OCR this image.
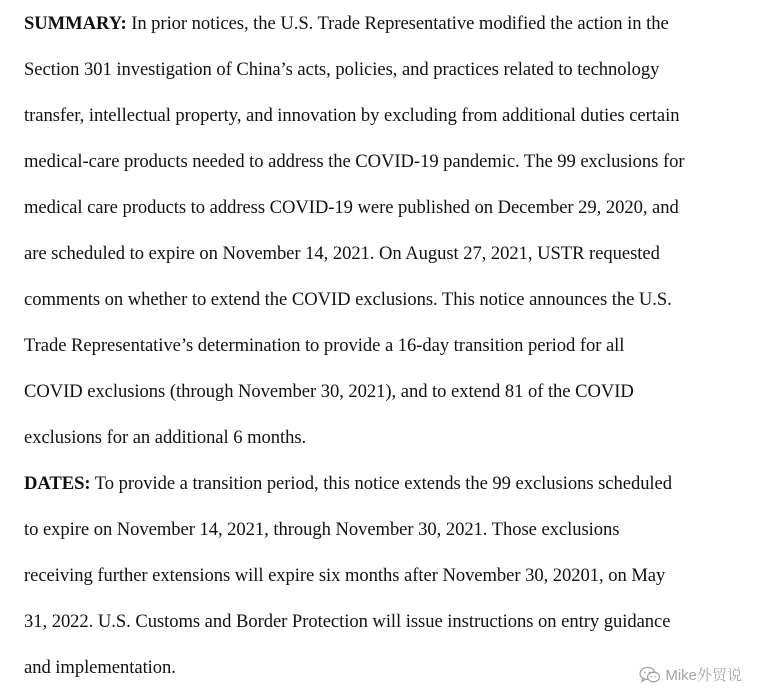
SUMMARY: In prior notices, the U.S. Trade Representative modified the action in the
Section 301 investigation of China’s acts, policies, and practices related to technology
transfer, intellectual property, and innovation by excluding from additional duties certain
medical-care products needed to address the COVID-19 pandemic. The 99 exclusions for
medical care products to address COVID-19 were published on December 29, 2020, and
are scheduled to expire on November 14, 2021. On August 27, 2021, USTR requested
comments on whether to extend the COVID exclusions. This notice announces the U.S.
Trade Representative’s determination to provide a 16-day transition period for all
COVID exclusions (through November 30, 2021), and to extend 81 of the COVID
exclusions for an additional 6 months.

DATES: To provide a transition period, this notice extends the 99 exclusions scheduled
to expire on November 14, 2021, through November 30, 2021. Those exclusions
receiving further extensions will expire six months after November 30, 20201, on May
31, 2022. U.S. Customs and Border Protection will issue instructions on entry guidance
and implementation.	Mike外贸说
